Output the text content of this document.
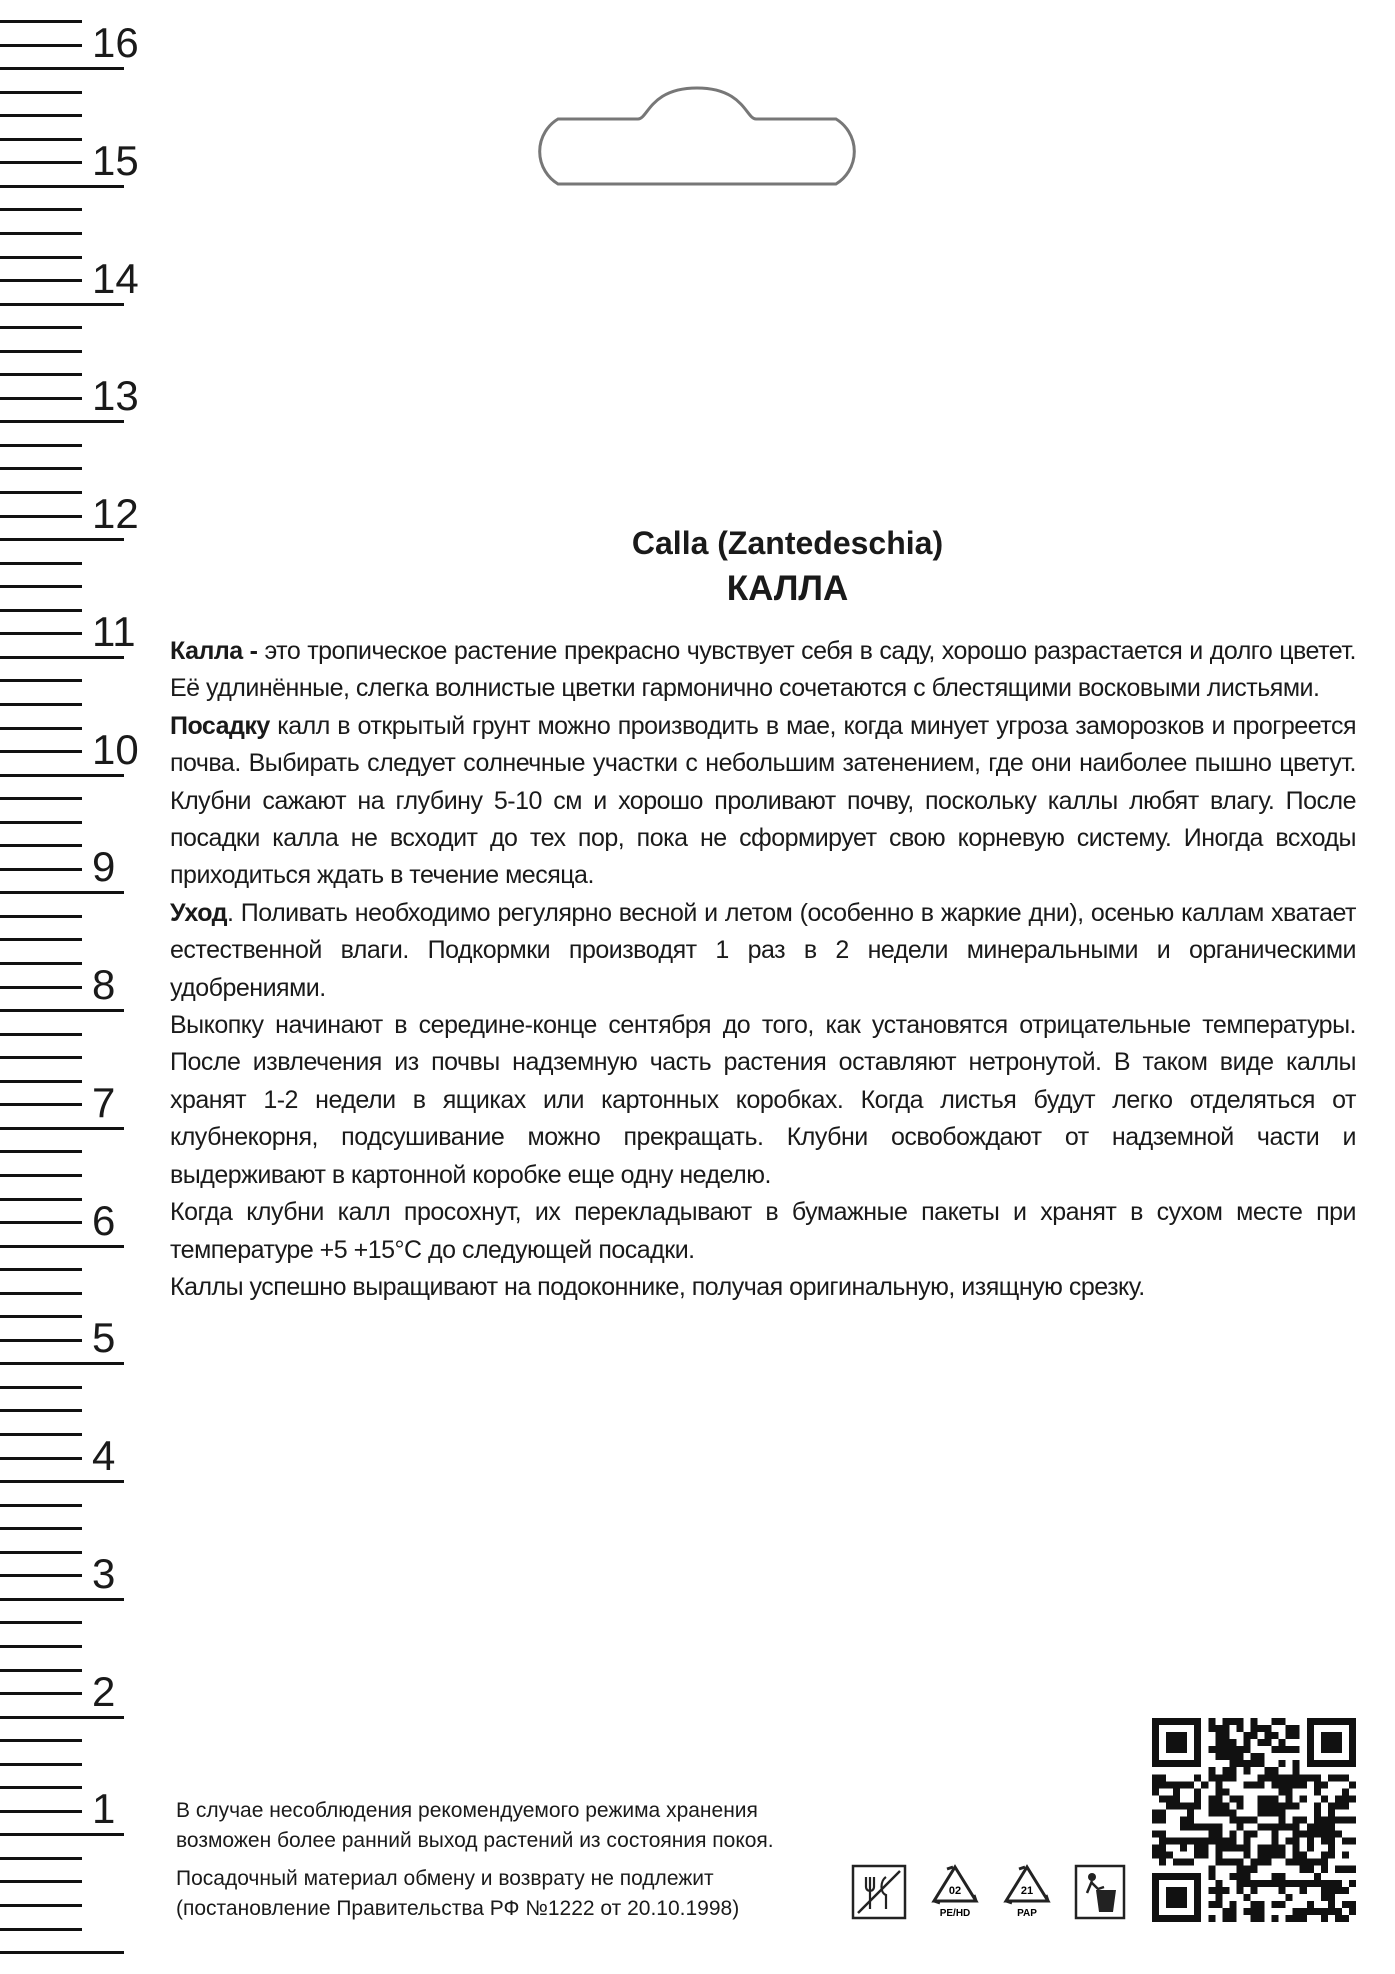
16
15
14
13
12
11
10
9
8
7
6
5
4
3
2
1
Calla (Zantedeschia)
КАЛЛА

Калла - это тропическое растение прекрасно чувствует себя в саду, хорошо разрастается и долго цветет. Её удлинённые, слегка волнистые цветки гармонично сочетаются с блестящими восковыми листьями.

Посадку калл в открытый грунт можно производить в мае, когда минует угроза заморозков и прогреется почва. Выбирать следует солнечные участки с небольшим затенением, где они наиболее пышно цветут. Клубни сажают на глубину 5-10 см и хорошо проливают почву, поскольку каллы любят влагу. После посадки калла не всходит до тех пор, пока не сформирует свою корневую систему. Иногда всходы приходиться ждать в течение месяца.

Уход. Поливать необходимо регулярно весной и летом (особенно в жаркие дни), осенью каллам хватает естественной влаги. Подкормки производят 1 раз в 2 недели минеральными и органическими удобрениями.

Выкопку начинают в середине-конце сентября до того, как установятся отрицательные температуры. После извлечения из почвы надземную часть растения оставляют нетронутой. В таком виде каллы хранят 1-2 недели в ящиках или картонных коробках. Когда листья будут легко отделяться от клубнекорня, подсушивание можно прекращать. Клубни освобождают от надземной части и выдерживают в картонной коробке еще одну неделю.

Когда клубни калл просохнут, их перекладывают в бумажные пакеты и хранят в сухом месте при температуре +5 +15°С до следующей посадки.

Каллы успешно выращивают на подоконнике, получая оригинальную, изящную срезку.

В случае несоблюдения рекомендуемого режима хранения
возможен более ранний выход растений из состояния покоя.
Посадочный материал обмену и возврату не подлежит
(постановление Правительства РФ №1222 от 20.10.1998)
02
PE/HD
21
PAP
